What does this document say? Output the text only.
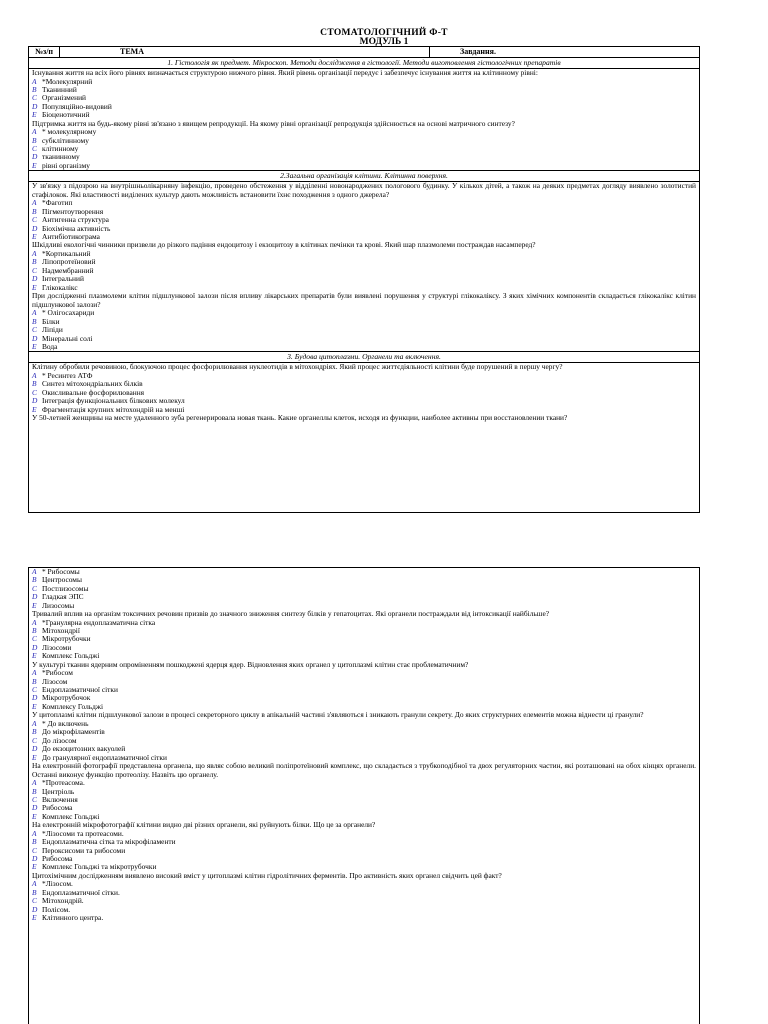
СТОМАТОЛОГІЧНИЙ Ф-Т
МОДУЛЬ 1
№з/п	ТЕМА	Завдання.
1. Гістологія як предмет. Мікроскоп. Методи дослідження в гістології. Методи виготовлення гістологічних препаратів
Існування життя на всіх його рівнях визначається структурою нижчого рівня. Який рівень організації передує і забезпечує існування життя на клітинному рівні:
A *Молекулярний
B Тканинний
C Організмений
D Популяційно-видовий
E Біоценотичний
Підтримка життя на будь-якому рівні зв'язано з явищем репродукції. На якому рівні організації репродукція здійснюється на основі матричного синтезу?
A * молекулярному
B субклітинному
C клітинному
D тканинному
E рівні організму
2.Загальна організація клітини. Клітинна поверхня.
У зв'язку з підозрою на внутрішньолікарняну інфекцію, проведено обстеження у відділенні новонароджених пологового будинку. У кількох дітей, а також на деяких предметах догляду виявлено золотистий стафілокок. Які властивості виділених культур дають можливість встановити їхнє походження з одного джерела?
A *Фаготип
B Пігментоутворення
C Антигенна структура
D Біохімічна активність
E Антибіотикограма
Шкідливі екологічні чинники призвели до різкого падіння ендоцитозу і екзоцитозу в клітинах печінки та крові. Який шар плазмолеми постраждав насамперед?
A *Кортикальний
B Ліпопротеїновий
C Надмембранний
D Інтегральний
E Глікокалікс
При дослідженні плазмолеми клітин підшлункової залози після впливу лікарських препаратів були виявлені порушення у структурі глікокаліксу. З яких хімічних компонентів складається глікокалікс клітин підшлункової залози?
A * Олігосахариди
B Білки
C Ліпіди
D Мінеральні солі
E Вода
3. Будова цитоплазми. Органели та включення.
Клітину обробили речовиною, блокуючою процес фосфорилювання нуклеотидів в мітохондріях. Який процес життєдіяльності клітини буде порушений в першу чергу?
A * Ресинтез АТФ
B Синтез мітохондріальних білків
C Окисливальне фосфорилювання
D Інтеграція функціональних білкових молекул
E Фрагментація крупних мітохондрій на менші
У 50-летней женщины на месте удаленного зуба регенерировала новая ткань. Какие органеллы клеток, исходя из функции, наиболее активны при восстановлении ткани?
A * Рибосомы
B Центросомы
C Постлизосомы
D Гладкая ЭПС
E Лизосомы
Тривалий вплив на організм токсичних речовин призвів до значного зниження синтезу білків у гепатоцитах. Які органели постраждали від інтоксикації найбільше?
A *Гранулярна ендоплазматична сітка
B Мітохондрії
C Мікротрубочки
D Лізосоми
E Комплекс Гольджі
У культурі тканин ядерним опроміненням пошкоджені ядерця ядер. Відновлення яких органел у цитоплазмі клітин стає проблематичним?
A *Рибосом
B Лізосом
C Ендоплазматичної сітки
D Мікротрубочок
E Комплексу Гольджі
У цитоплазмі клітин підшлункової залози в процесі секреторного циклу в апікальній частині з'являються і зникають гранули секрету. До яких структурних елементів можна віднести ці гранули?
A * До включень
B До мікрофіламентів
C До лізосом
D До екзоцитозних вакуолей
E До гранулярної ендоплазматичної сітки
На електронній фотографії представлена органела, що являє собою великий полiпротеїновий комплекс, що складається з трубкоподібної та двох регуляторних частин, які розташовані на обох кінцях органели. Останні виконує функцію протеолізу. Назвіть цю органелу.
A *Протеасома.
B Центріоль
C Включення
D Рибосома
E Комплекс Гольджі
На електронній мікрофотографії клітини видно дві різних органели, які руйнують білки. Що це за органели?
A *Лізосоми та протеасоми.
B Ендоплазматична сітка та мікрофіламенти
C Пероксисоми та рибосоми
D Рибосома
E Комплекс Гольджі та мікротрубочки
Цитохімічним дослідженням виявлено високий вміст у цитоплазмі клітин гідролітичних ферментів. Про активність яких органел свідчить цей факт?
A *Лізосом.
B Ендоплазматичної сітки.
C Мітохондрій.
D Полісом.
E Клітинного центра.
